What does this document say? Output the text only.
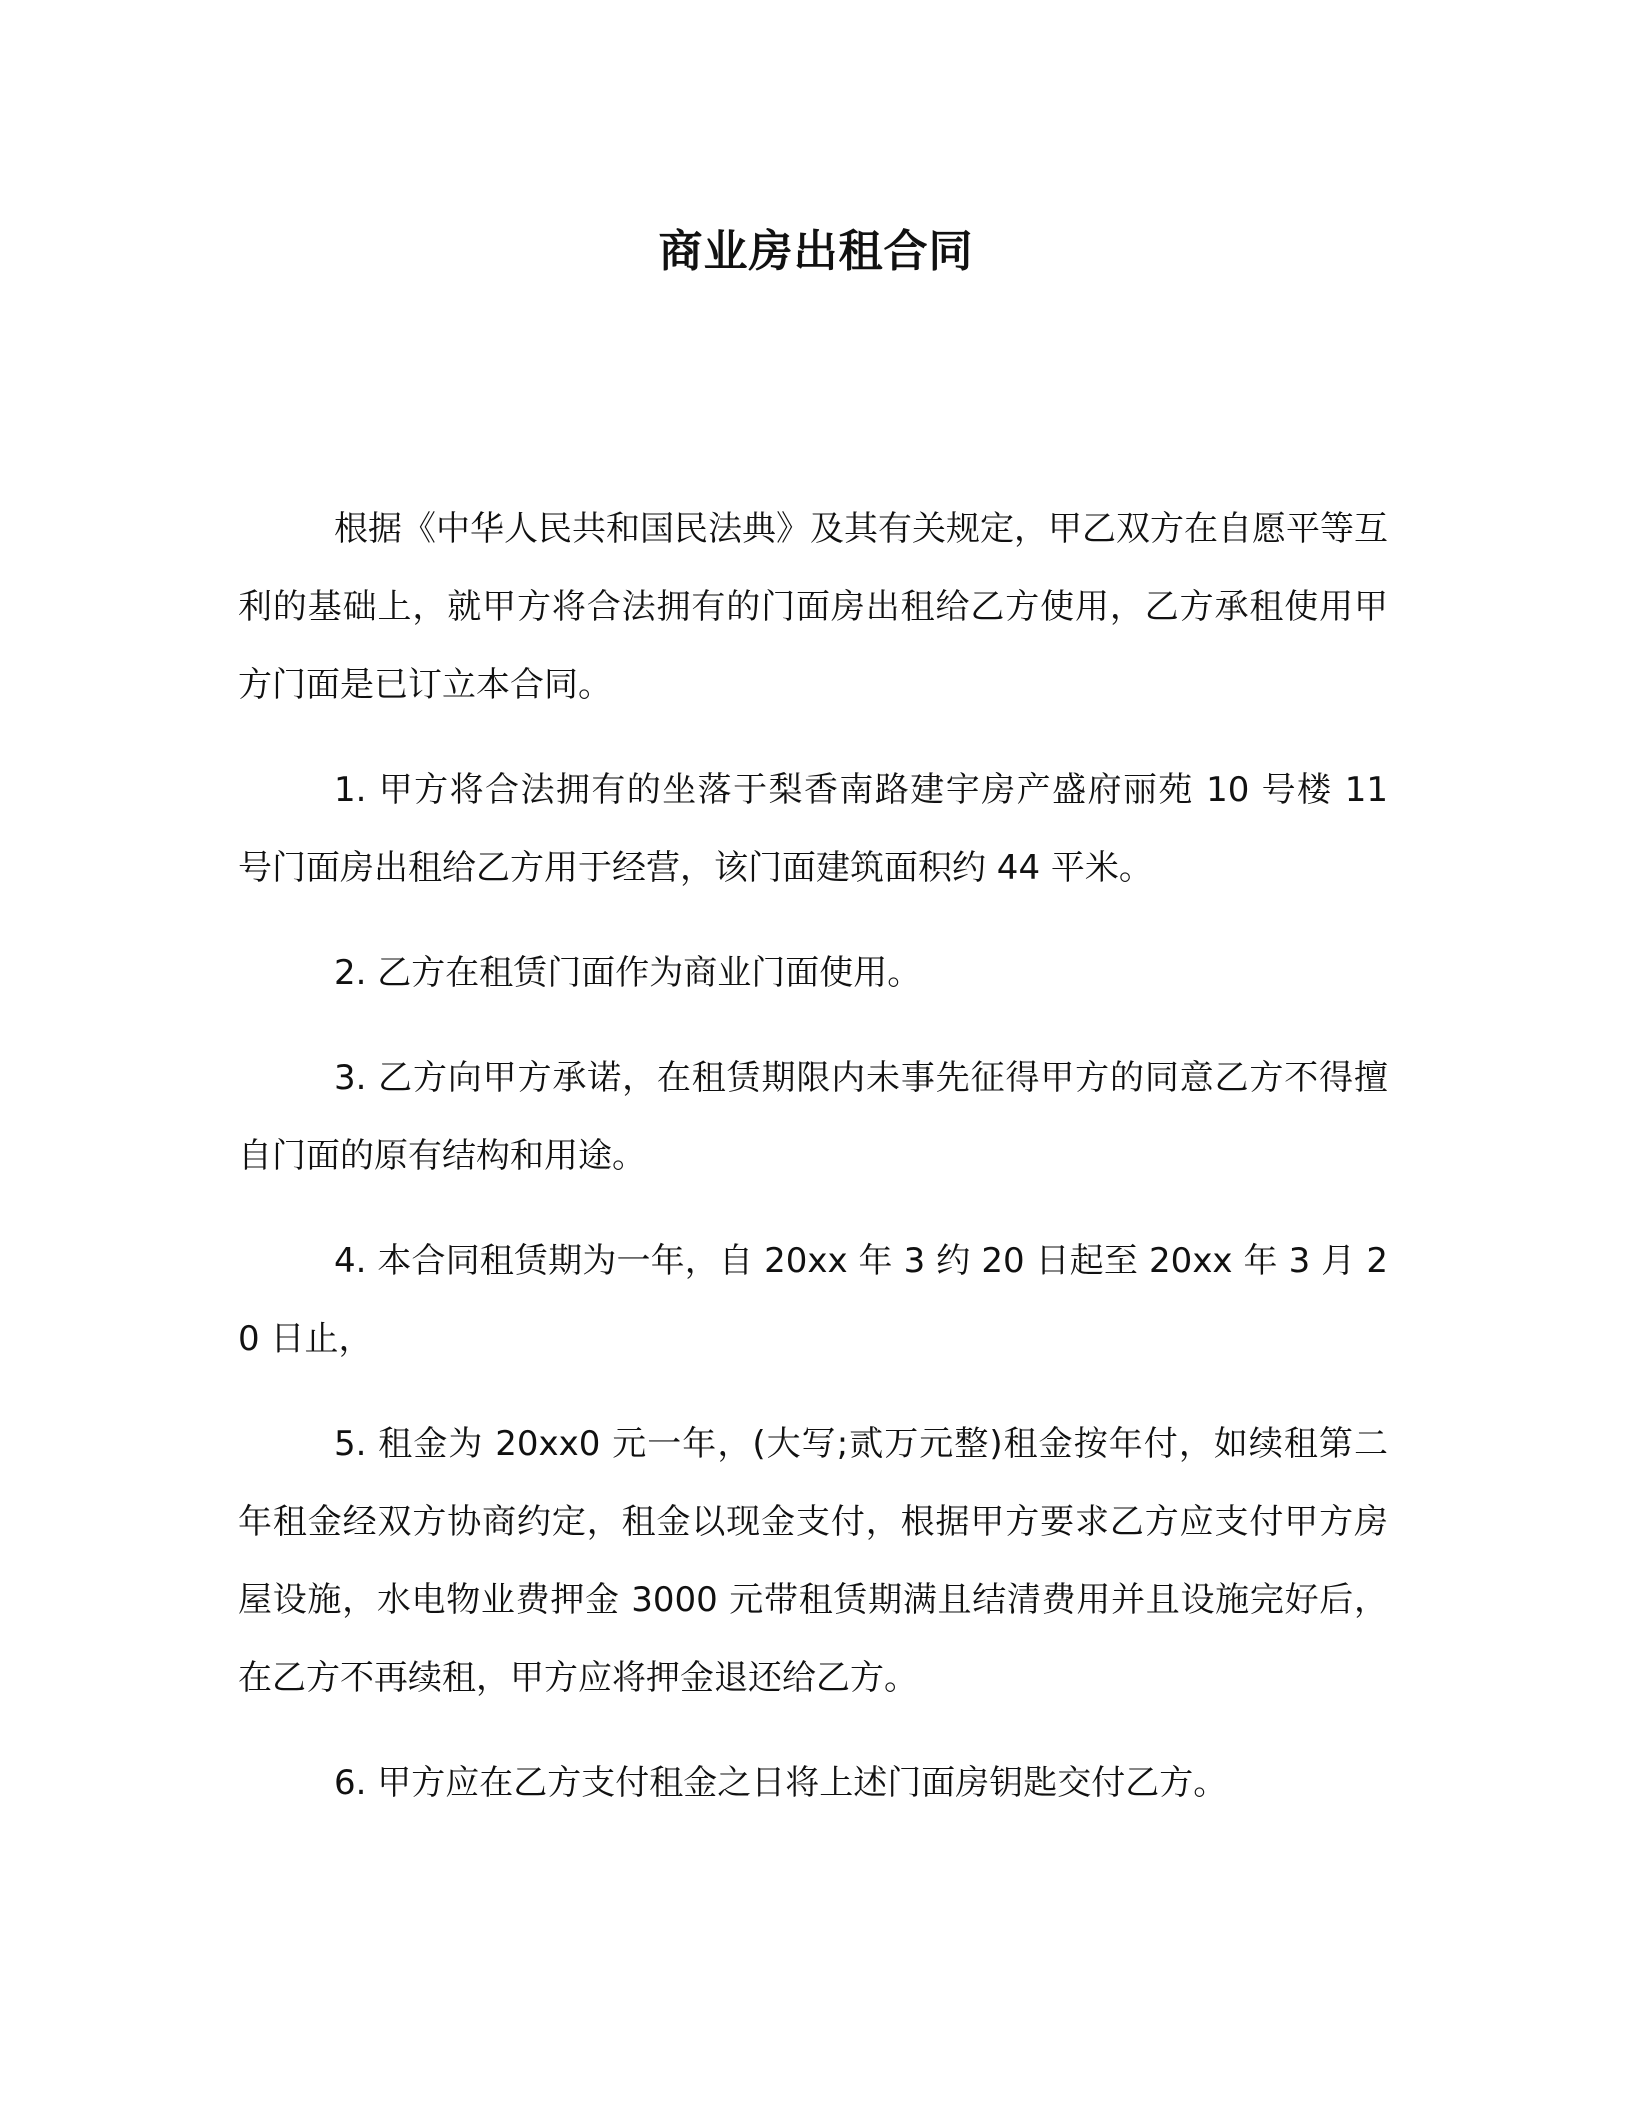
商业房出租合同

根据《中华人民共和国民法典》及其有关规定，甲乙双方在自愿平等互利的基础上，就甲方将合法拥有的门面房出租给乙方使用，乙方承租使用甲方门面是已订立本合同。

1. 甲方将合法拥有的坐落于梨香南路建宇房产盛府丽苑 10 号楼 11 号门面房出租给乙方用于经营，该门面建筑面积约 44 平米。

2. 乙方在租赁门面作为商业门面使用。

3. 乙方向甲方承诺，在租赁期限内未事先征得甲方的同意乙方不得擅自门面的原有结构和用途。

4. 本合同租赁期为一年，自 20xx 年 3 约 20 日起至 20xx 年 3 月 20 日止，

5. 租金为 20xx0 元一年，(大写;贰万元整)租金按年付，如续租第二年租金经双方协商约定，租金以现金支付，根据甲方要求乙方应支付甲方房屋设施，水电物业费押金 3000 元带租赁期满且结清费用并且设施完好后，在乙方不再续租，甲方应将押金退还给乙方。

6. 甲方应在乙方支付租金之日将上述门面房钥匙交付乙方。
